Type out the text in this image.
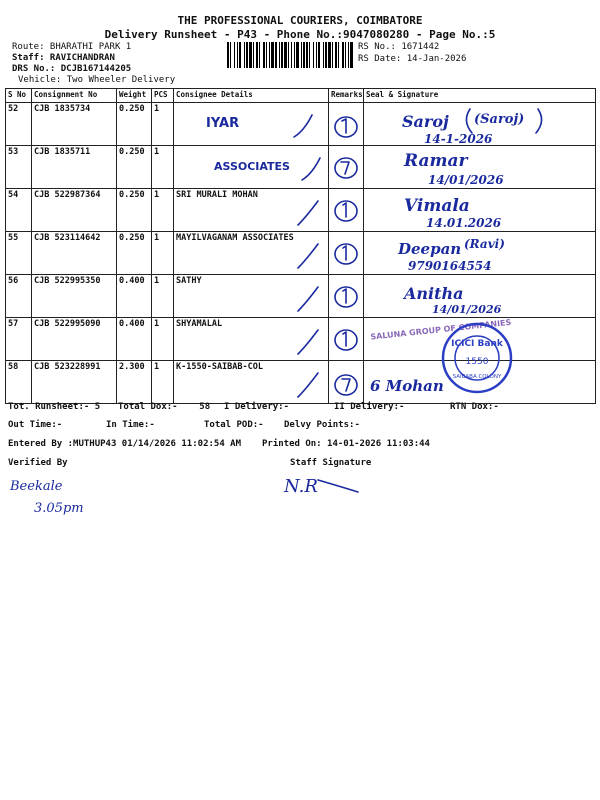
THE PROFESSIONAL COURIERS, COIMBATORE
Delivery Runsheet - P43 - Phone No.:9047080280 - Page No.:5
Route: BHARATHI PARK 1
Staff: RAVICHANDRAN
DRS No.: DCJB167144205
Vehicle: Two Wheeler Delivery
RS No.: 1671442
RS Date: 14-Jan-2026
S No	Consignment No	Weight	PCS	Consignee Details	Remarks	Seal & Signature
52	CJB 1835734	0.250	1	IYAR		Saroj (Saroj)
14-1-2026

53	CJB 1835711	0.250	1	ASSOCIATES		Ramar
14/01/2026

54	CJB 522987364	0.250	1	SRI MURALI MOHAN		Vimala
14.01.2026

55	CJB 523114642	0.250	1	MAYILVAGANAM ASSOCIATES		Deepan (Ravi)
9790164554

56	CJB 522995350	0.400	1	SATHY		Anitha
14/01/2026

57	CJB 522995090	0.400	1	SHYAMALAL		SALUNA GROUP OF COMPANIES

58	CJB 523228991	2.300	1	K-1550-SAIBAB-COL		6 Mohan
ICICI Bank
1550
SAIBABA COLONY
Tot. Runsheet:- 5 Total Dox:-    58 I Delivery:-	II Delivery:-	RTN Dox:-
Out Time:-	In Time:-	Total POD:- Delvy Points:-
Entered By :MUTHUP43 01/14/2026 11:02:54 AM Printed On: 14-01-2026 11:03:44
Verified By	Staff Signature
Beekale
3.05pm
N.R
